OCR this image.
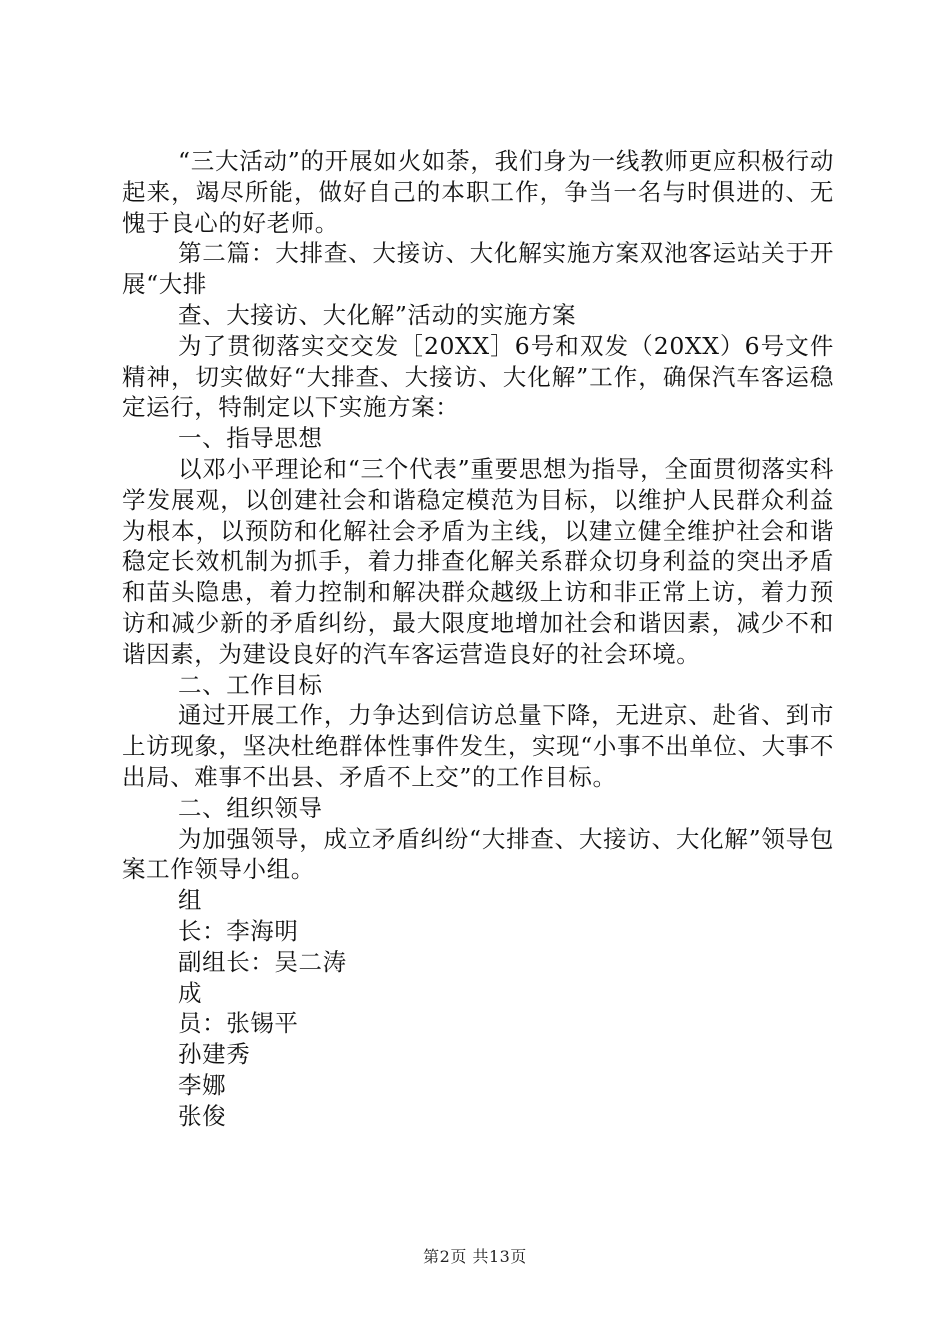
“三大活动”的开展如火如荼，我们身为一线教师更应积极行动起来，竭尽所能，做好自己的本职工作，争当一名与时俱进的、无愧于良心的好老师。

第二篇：大排查、大接访、大化解实施方案双池客运站关于开展“大排

查、大接访、大化解”活动的实施方案

为了贯彻落实交交发［20XX］6号和双发（20XX）6号文件精神，切实做好“大排查、大接访、大化解”工作，确保汽车客运稳定运行，特制定以下实施方案：

一、指导思想

以邓小平理论和“三个代表”重要思想为指导，全面贯彻落实科学发展观，以创建社会和谐稳定模范为目标，以维护人民群众利益为根本，以预防和化解社会矛盾为主线，以建立健全维护社会和谐稳定长效机制为抓手，着力排查化解关系群众切身利益的突出矛盾和苗头隐患，着力控制和解决群众越级上访和非正常上访，着力预访和减少新的矛盾纠纷，最大限度地增加社会和谐因素，减少不和谐因素，为建设良好的汽车客运营造良好的社会环境。

二、工作目标

通过开展工作，力争达到信访总量下降，无进京、赴省、到市上访现象，坚决杜绝群体性事件发生，实现“小事不出单位、大事不出局、难事不出县、矛盾不上交”的工作目标。

二、组织领导

为加强领导，成立矛盾纠纷“大排查、大接访、大化解”领导包案工作领导小组。

组

长：李海明

副组长：吴二涛

成

员：张锡平

孙建秀

李娜

张俊

第2页 共13页
